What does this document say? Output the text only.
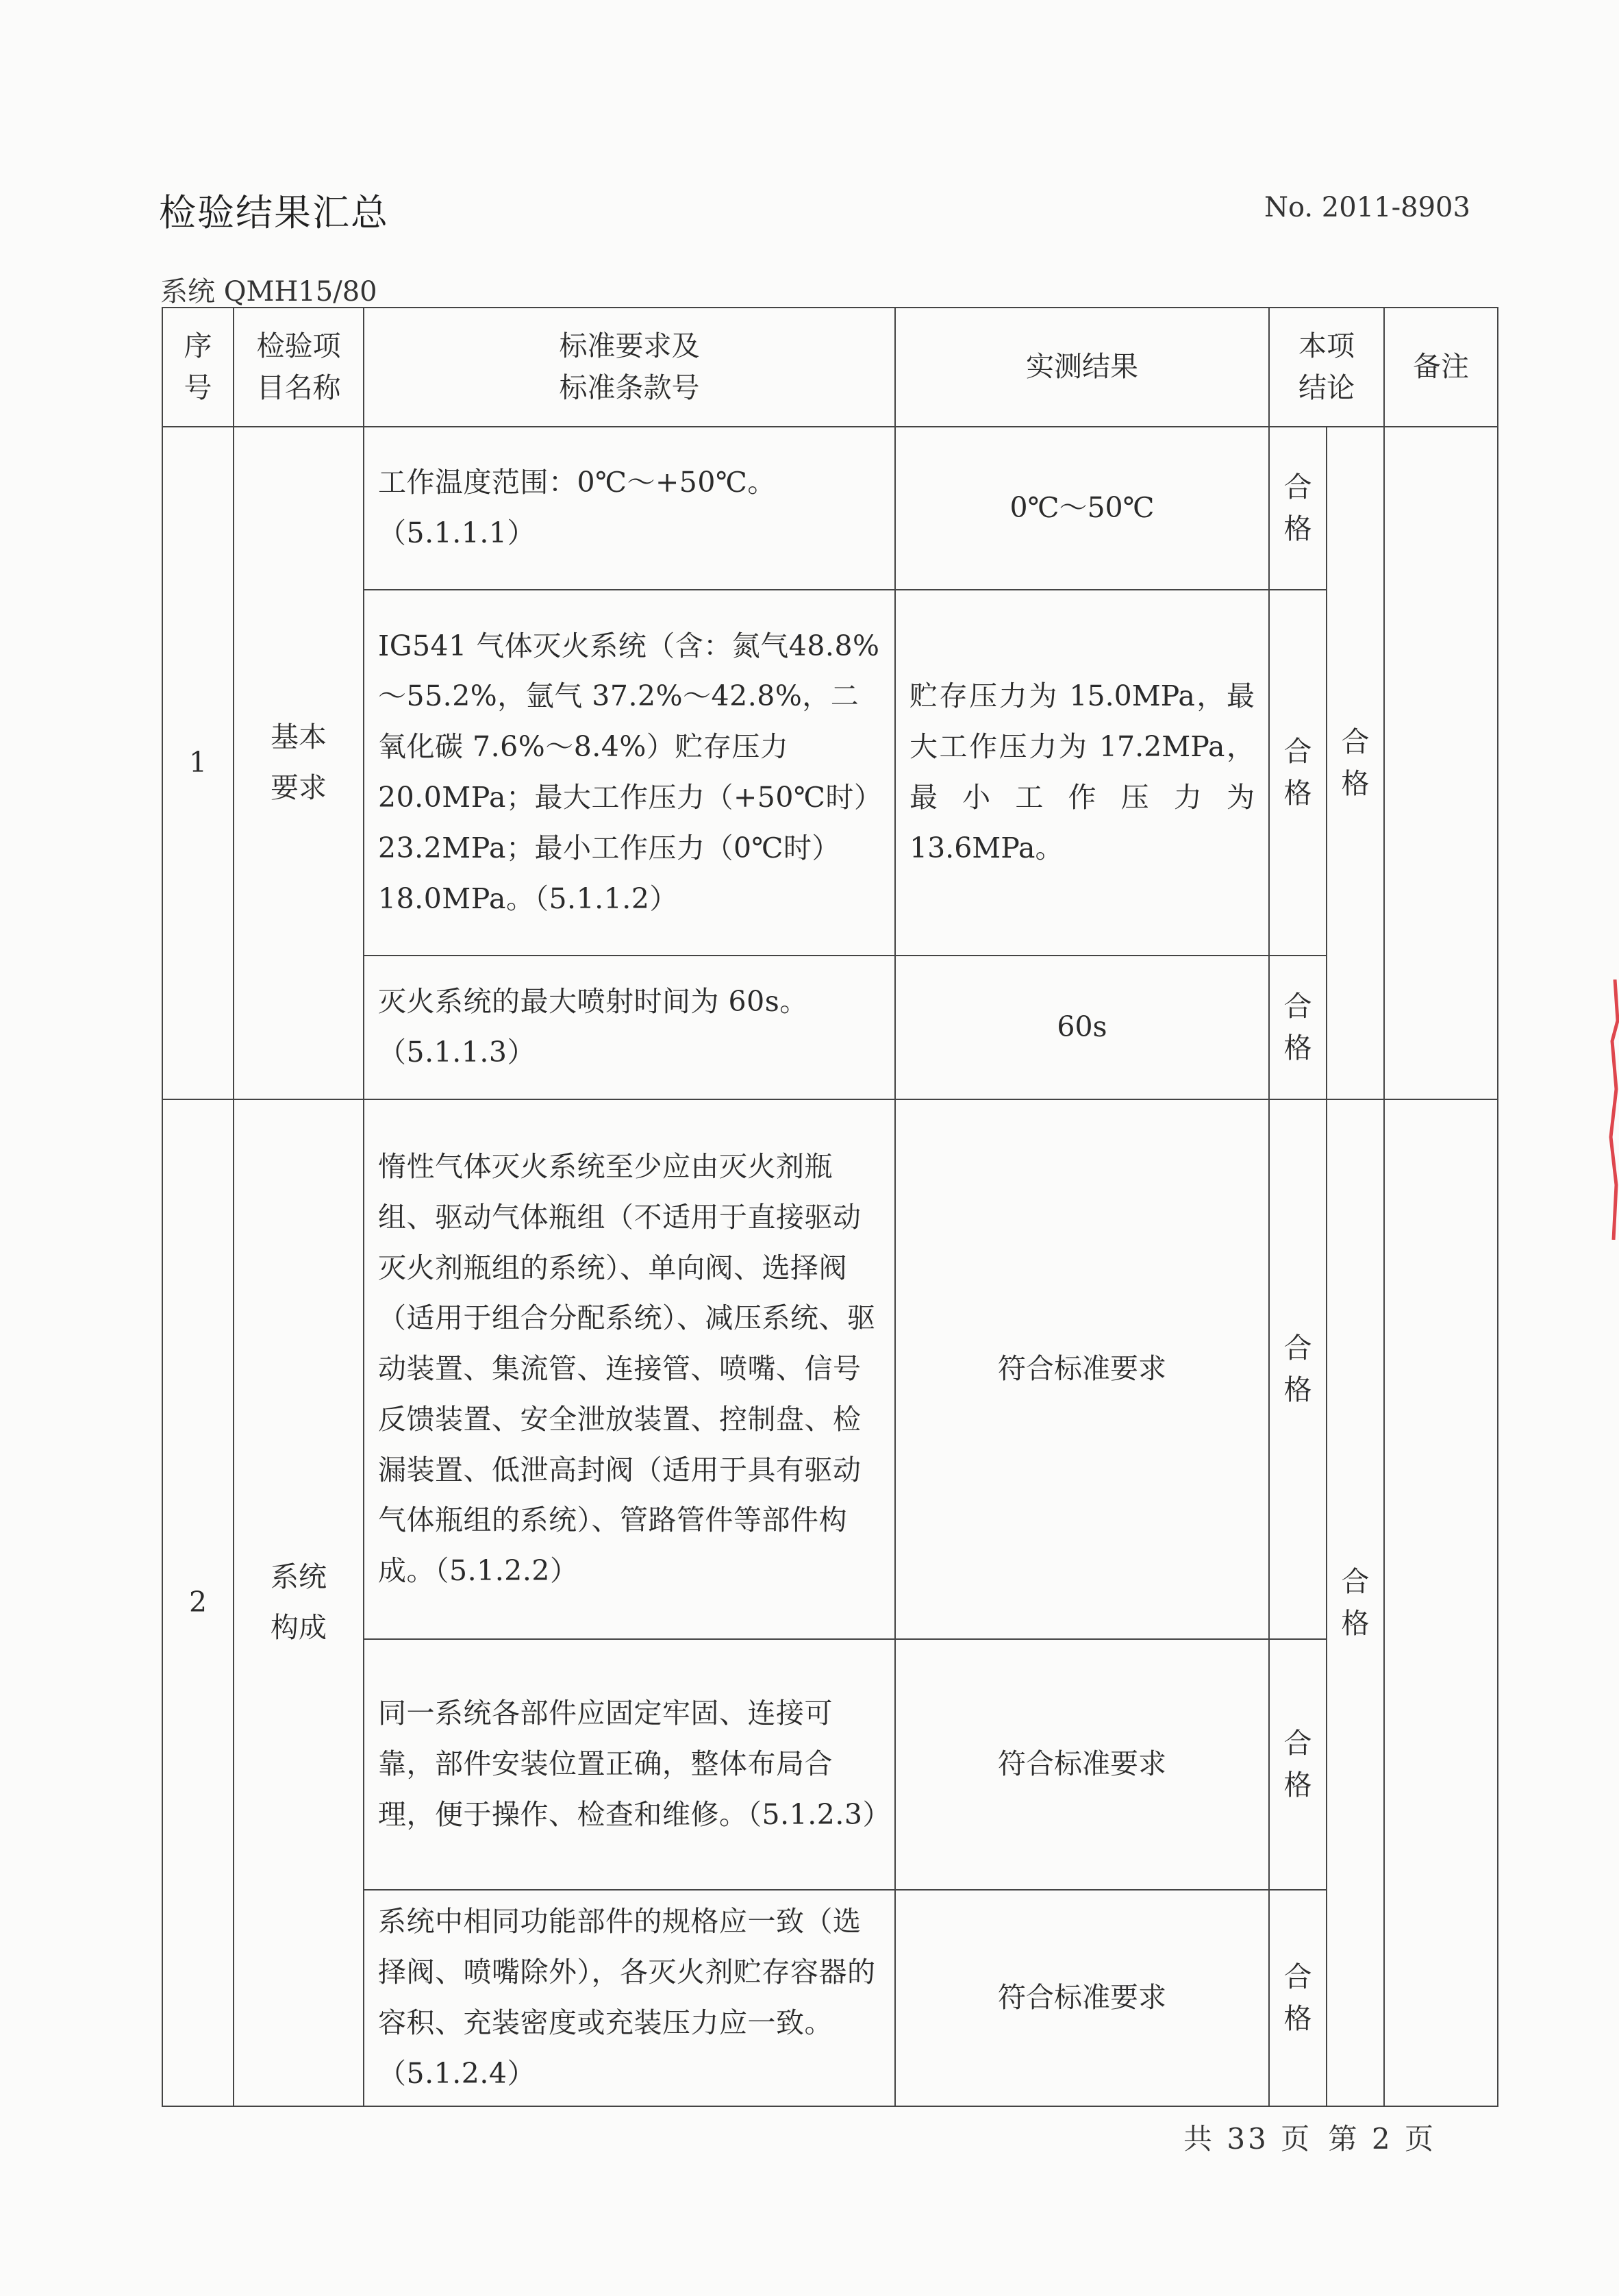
检验结果汇总	No. 2011-8903
系统 QMH15/80
序号	检验项目名称	标准要求及标准条款号	实测结果	本项结论		备注
1	基本要求	工作温度范围：0℃～+50℃。（5.1.1.1）	0℃～50℃	合格	合格	

		IG541 气体灭火系统（含：氮气48.8%～55.2%，氩气 37.2%～42.8%，二氧化碳 7.6%～8.4%）贮存压力20.0MPa；最大工作压力（+50℃时）23.2MPa；最小工作压力（0℃时）18.0MPa。（5.1.1.2）	贮存压力为 15.0MPa，最大工作压力为 17.2MPa，最小工作压力为 13.6MPa。	合格		

		灭火系统的最大喷射时间为 60s。（5.1.1.3）	60s	合格		

2	系统构成	惰性气体灭火系统至少应由灭火剂瓶组、驱动气体瓶组（不适用于直接驱动灭火剂瓶组的系统）、单向阀、选择阀（适用于组合分配系统）、减压系统、驱动装置、集流管、连接管、喷嘴、信号反馈装置、安全泄放装置、控制盘、检漏装置、低泄高封阀（适用于具有驱动气体瓶组的系统）、管路管件等部件构成。（5.1.2.2）	符合标准要求	合格	合格	

		同一系统各部件应固定牢固、连接可靠，部件安装位置正确，整体布局合理，便于操作、检查和维修。（5.1.2.3）	符合标准要求	合格		

		系统中相同功能部件的规格应一致（选择阀、喷嘴除外），各灭火剂贮存容器的容积、充装密度或充装压力应一致。（5.1.2.4）	符合标准要求	合格		
共 33 页 第 2 页
